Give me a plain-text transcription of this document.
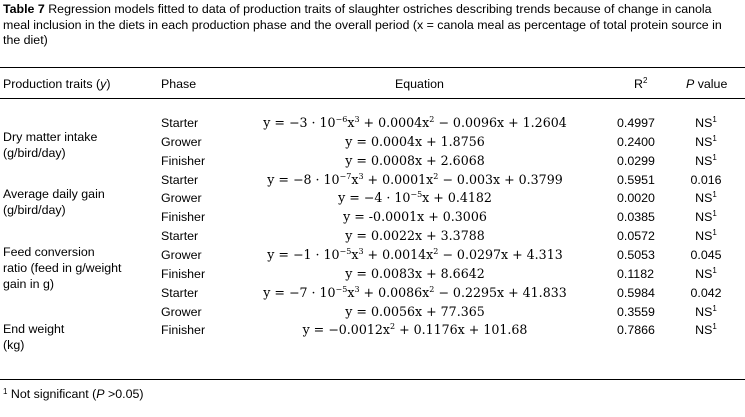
Table 7 Regression models fitted to data of production traits of slaughter ostriches describing trends because of change in canola meal inclusion in the diets in each production phase and the overall period (x = canola meal as percentage of total protein source in the diet)
Production traits (y)	Phase	Equation	$R^2$	P value
Dry matter intake
(g/bird/day)
Starter	$y = -3 \cdot 10^{-6}x^3 + 0.0004x^2 - 0.0096x + 1.2604$	0.4997	$NS^1$
Grower	y = 0.0004x + 1.8756	0.2400	$NS^1$
Finisher	y = 0.0008x + 2.6068	0.0299	$NS^1$
Average daily gain
(g/bird/day)
Starter	$y = -8 \cdot 10^{-7}x^3 + 0.0001x^2 - 0.003x + 0.3799$	0.5951	0.016
Grower	$y = -4 \cdot 10^{-5}x + 0.4182$	0.0020	$NS^1$
Finisher	y = -0.0001x + 0.3006	0.0385	$NS^1$
Feed conversion
ratio (feed in g/weight
gain in g)
Starter	y = 0.0022x + 3.3788	0.0572	$NS^1$
Grower	$y = -1 \cdot 10^{-5}x^3 + 0.0014x^2 - 0.0297x + 4.313$	0.5053	0.045
Finisher	y = 0.0083x + 8.6642	0.1182	$NS^1$
End weight
(kg)
Starter	$y = -7 \cdot 10^{-5}x^3 + 0.0086x^2 - 0.2295x + 41.833$	0.5984	0.042
Grower	y = 0.0056x + 77.365	0.3559	$NS^1$
Finisher	$y = -0.0012x^2 + 0.1176x + 101.68$	0.7866	$NS^1$
$^1$ Not significant (P >0.05)
